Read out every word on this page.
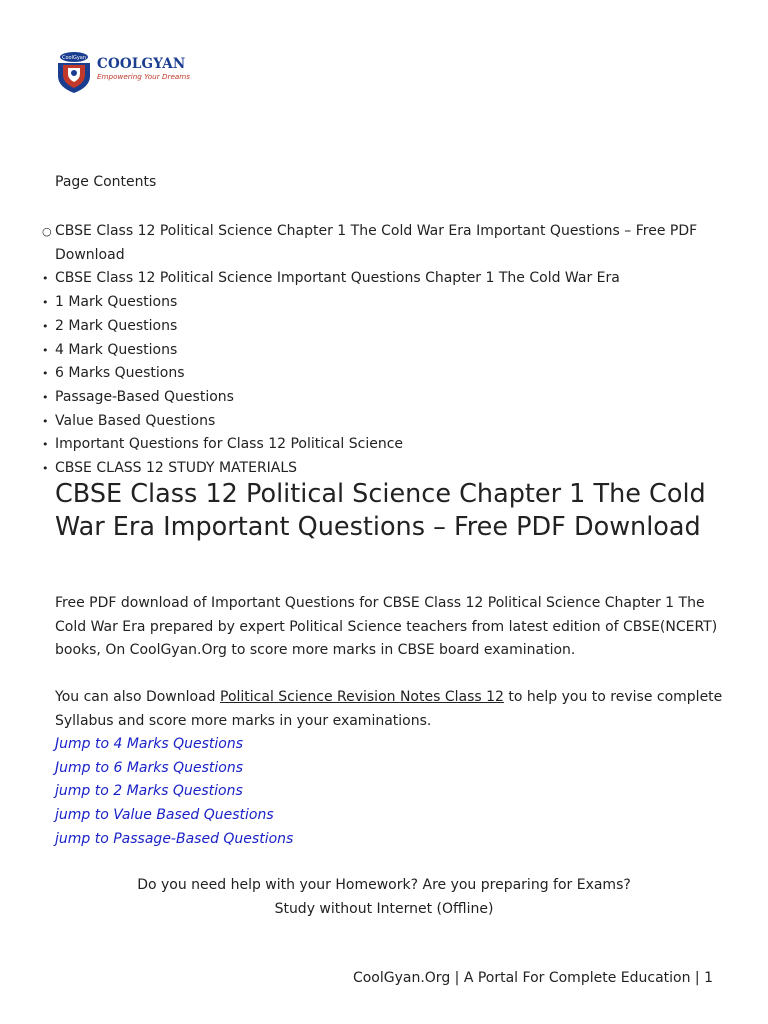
CoolGyan COOLGYAN
Empowering Your Dreams
Page Contents
○ CBSE Class 12 Political Science Chapter 1 The Cold War Era Important Questions – Free PDF Download
• CBSE Class 12 Political Science Important Questions Chapter 1 The Cold War Era
• 1 Mark Questions
• 2 Mark Questions
• 4 Mark Questions
• 6 Marks Questions
• Passage-Based Questions
• Value Based Questions
• Important Questions for Class 12 Political Science
• CBSE CLASS 12 STUDY MATERIALS
CBSE Class 12 Political Science Chapter 1 The Cold War Era Important Questions – Free PDF Download

Free PDF download of Important Questions for CBSE Class 12 Political Science Chapter 1 The Cold War Era prepared by expert Political Science teachers from latest edition of CBSE(NCERT) books, On CoolGyan.Org to score more marks in CBSE board examination.

You can also Download Political Science Revision Notes Class 12 to help you to revise complete Syllabus and score more marks in your examinations.

Jump to 4 Marks Questions
Jump to 6 Marks Questions
jump to 2 Marks Questions
jump to Value Based Questions
jump to Passage-Based Questions
Do you need help with your Homework? Are you preparing for Exams?
Study without Internet (Offline)
CoolGyan.Org | A Portal For Complete Education | 1
